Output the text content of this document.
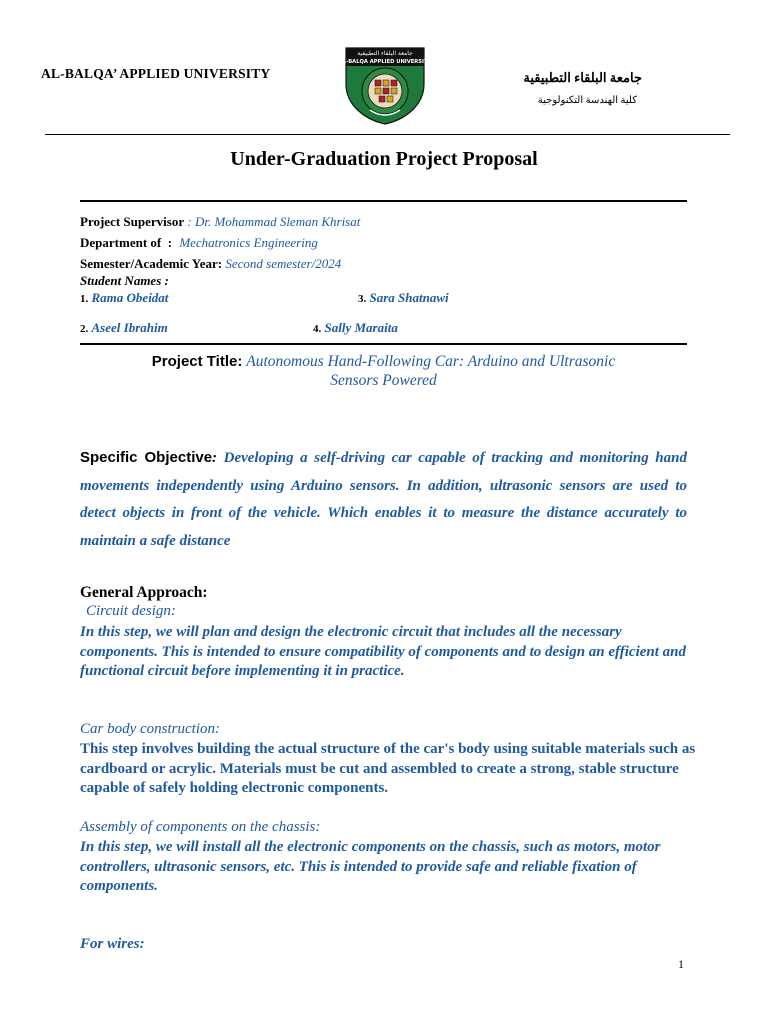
AL-BALQA’ APPLIED UNIVERSITY
جامعة البلقاء التطبيقية
AL-BALQA APPLIED UNIVERSITY
جامعة البلقاء التطبيقية
كلية الهندسة التكنولوجية
Under-Graduation Project Proposal
Project Supervisor : Dr. Mohammad Sleman Khrisat
Department of  : Mechatronics Engineering
Semester/Academic Year: Second semester/2024
Student Names :
1. Rama Obeidat	3. Sara Shatnawi
2. Aseel Ibrahim	4. Sally Maraita
Project Title: Autonomous Hand-Following Car: Arduino and Ultrasonic
Sensors Powered
Specific Objective: Developing a self-driving car capable of tracking and monitoring hand movements independently using Arduino sensors. In addition, ultrasonic sensors are used to detect objects in front of the vehicle. Which enables it to measure the distance accurately to maintain a safe distance
General Approach:
Circuit design:
In this step, we will plan and design the electronic circuit that includes all the necessary components. This is intended to ensure compatibility of components and to design an efficient and functional circuit before implementing it in practice.
Car body construction:
This step involves building the actual structure of the car's body using suitable materials such as cardboard or acrylic. Materials must be cut and assembled to create a strong, stable structure capable of safely holding electronic components.
Assembly of components on the chassis:
In this step, we will install all the electronic components on the chassis, such as motors, motor controllers, ultrasonic sensors, etc. This is intended to provide safe and reliable fixation of components.
For wires:
1
